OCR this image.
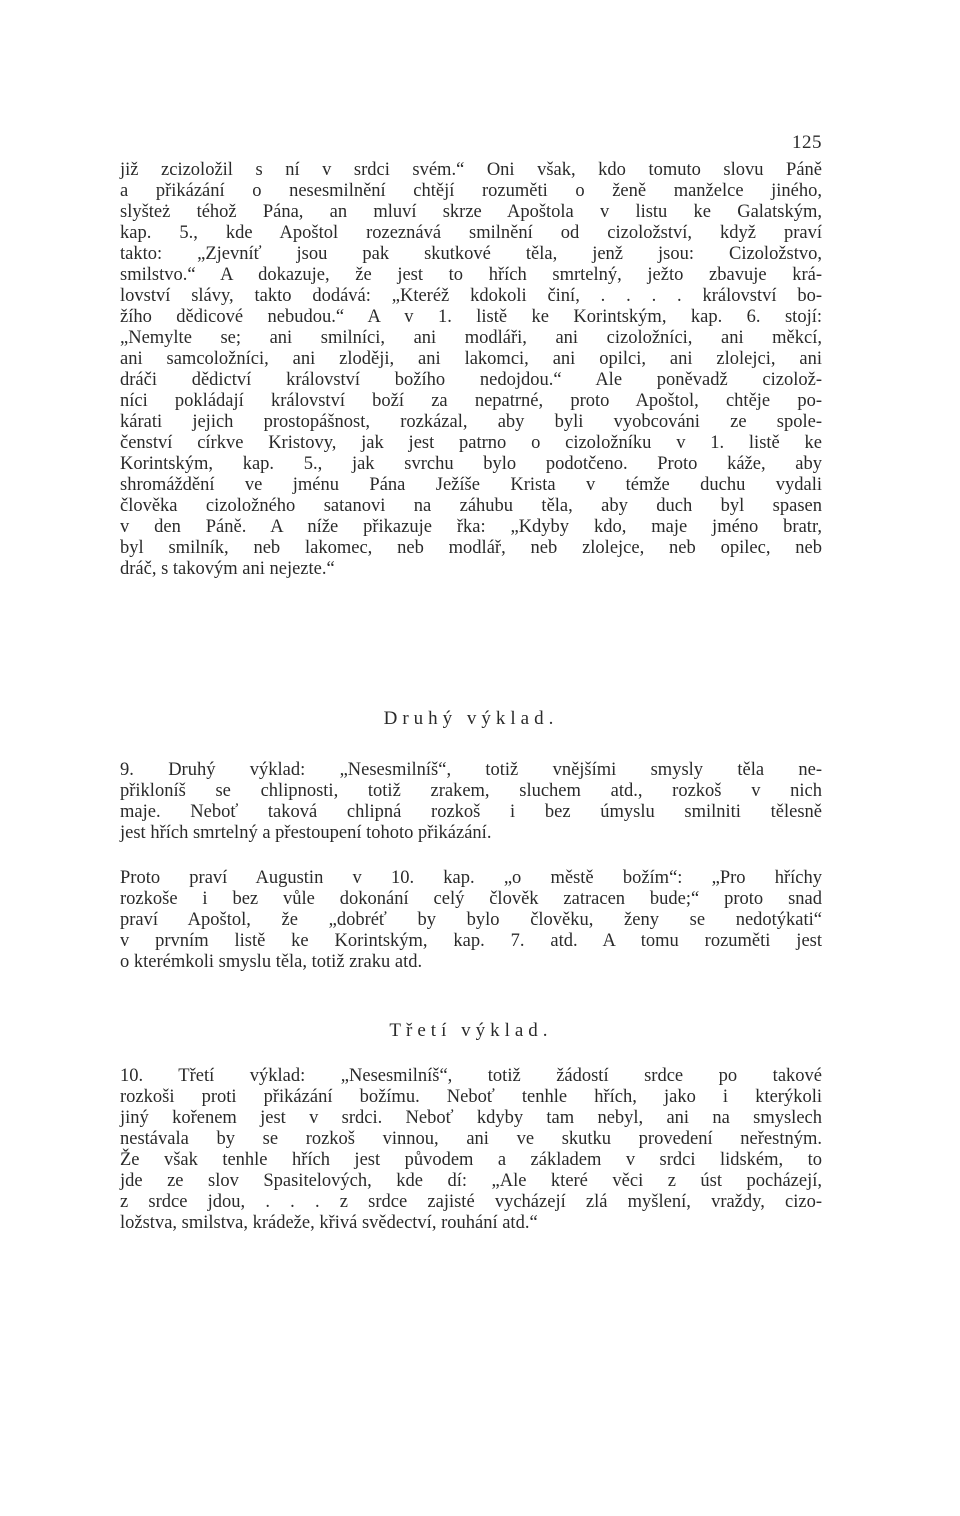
125
již zcizoložil s ní v srdci svém.“ Oni však, kdo tomuto slovu Páně
a přikázání o nesesmilnění chtějí rozuměti o ženě manželce jiného,
slyšteż téhož Pána, an mluví skrze Apoštola v listu ke Galatským,
kap. 5., kde Apoštol rozeznává smilnění od cizoložství, když praví
takto: „Zjevníť jsou pak skutkové těla, jenž jsou: Cizoložstvo,
smilstvo.“ A dokazuje, že jest to hřích smrtelný, ježto zbavuje krá-
lovství slávy, takto dodává: „Kteréž kdokoli činí, . . . . království bo-
žího dědicové nebudou.“ A v 1. listě ke Korintským, kap. 6. stojí:
„Nemylte se; ani smilníci, ani modláři, ani cizoložníci, ani měkcí,
ani samcoložníci, ani zloději, ani lakomci, ani opilci, ani zlolejci, ani
dráči dědictví království božího nedojdou.“ Ale poněvadž cizolož-
níci pokládají království boží za nepatrné, proto Apoštol, chtěje po-
kárati jejich prostopášnost, rozkázal, aby byli vyobcováni ze spole-
čenství církve Kristovy, jak jest patrno o cizoložníku v 1. listě ke
Korintským, kap. 5., jak svrchu bylo podotčeno. Proto káže, aby
shromáždění ve jménu Pána Ježíše Krista v témže duchu vydali
člověka cizoložného satanovi na záhubu těla, aby duch byl spasen
v den Páně. A níže přikazuje řka: „Kdyby kdo, maje jméno bratr,
byl smilník, neb lakomec, neb modlář, neb zlolejce, neb opilec, neb
dráč, s takovým ani nejezte.“
Druhý výklad.
9. Druhý výklad: „Nesesmilníš“, totiž vnějšími smysly těla ne-
přikloníš se chlipnosti, totiž zrakem, sluchem atd., rozkoš v nich
maje. Neboť taková chlipná rozkoš i bez úmyslu smilniti tělesně
jest hřích smrtelný a přestoupení tohoto přikázání.
Proto praví Augustin v 10. kap. „o městě božím“: „Pro hříchy
rozkoše i bez vůle dokonání celý člověk zatracen bude;“ proto snad
praví Apoštol, že „dobréť by bylo člověku, ženy se nedotýkati“
v prvním listě ke Korintským, kap. 7. atd. A tomu rozuměti jest
o kterémkoli smyslu těla, totiž zraku atd.
Třetí výklad.
10. Třetí výklad: „Nesesmilníš“, totiž žádostí srdce po takové
rozkoši proti přikázání božímu. Neboť tenhle hřích, jako i kterýkoli
jiný kořenem jest v srdci. Neboť kdyby tam nebyl, ani na smyslech
nestávala by se rozkoš vinnou, ani ve skutku provedení neřestným.
Že však tenhle hřích jest původem a základem v srdci lidském, to
jde ze slov Spasitelových, kde dí: „Ale které věci z úst pocházejí,
z srdce jdou, . . . z srdce zajisté vycházejí zlá myšlení, vraždy, cizo-
ložstva, smilstva, krádeže, křivá svědectví, rouhání atd.“
